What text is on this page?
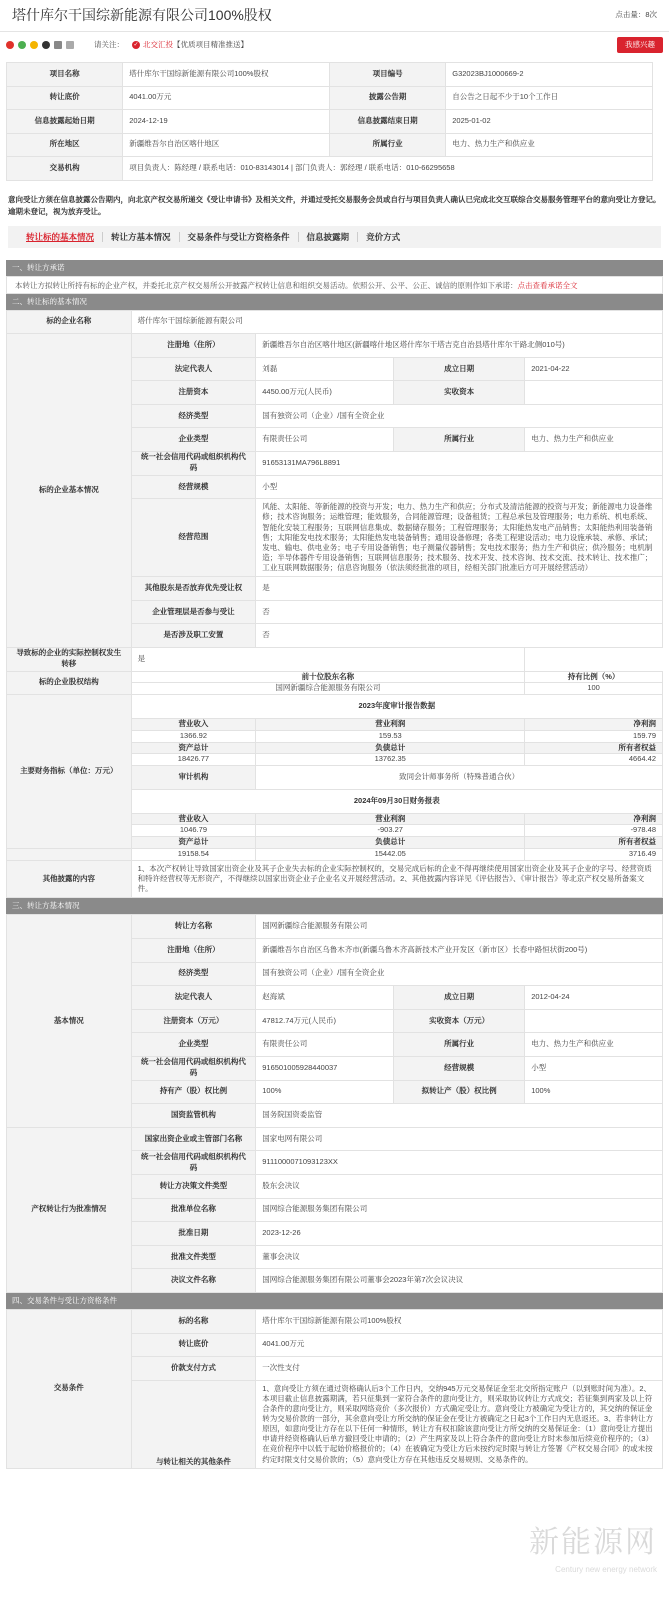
塔什库尔干国综新能源有限公司100%股权	点击量：8次
请关注： ✓ 北交汇投 【优质项目精准推送】	我感兴趣
项目名称	塔什库尔干国综新能源有限公司100%股权	项目编号	G32023BJ1000669-2
转让底价	4041.00万元	披露公告期	自公告之日起不少于10个工作日
信息披露起始日期	2024-12-19	信息披露结束日期	2025-01-02
所在地区	新疆维吾尔自治区喀什地区	所属行业	电力、热力生产和供应业
交易机构	项目负责人：陈经理 / 联系电话：010-83143014 | 部门负责人：郭经理 / 联系电话：010-66295658		
意向受让方须在信息披露公告期内，向北京产权交易所递交《受让申请书》及相关文件，并通过受托交易服务会员或自行与项目负责人确认已完成北交互联综合交易服务管理平台的意向受让方登记。逾期未登记，视为放弃受让。
转让标的基本情况	转让方基本情况	交易条件与受让方资格条件	信息披露期	竞价方式
一、转让方承诺
本转让方拟转让所持有标的企业产权，并委托北京产权交易所公开披露产权转让信息和组织交易活动。依照公开、公平、公正、诚信的原则作如下承诺：点击查看承诺全文
二、转让标的基本情况
标的企业名称	塔什库尔干国综新能源有限公司			
标的企业基本情况	注册地（住所）	新疆维吾尔自治区喀什地区(新疆喀什地区塔什库尔干塔吉克自治县塔什库尔干路北侧010号)		
	法定代表人	刘磊	成立日期	2021-04-22
	注册资本	4450.00万元(人民币)	实收资本	
	经济类型	国有独资公司（企业）/国有全资企业		
	企业类型	有限责任公司	所属行业	电力、热力生产和供应业
	统一社会信用代码或组织机构代码	91653131MA796L8891		
	经营规模	小型		
	经营范围	风能、太阳能、等新能源的投资与开发；电力、热力生产和供应；分布式及清洁能源的投资与开发；新能源电力设备维修；技术咨询服务；运维管理；能效服务，合同能源管理；设备租赁；工程总承包及管理服务；电力系统、机电系统、智能化安装工程服务；互联网信息集成、数据储存服务；工程管理服务；太阳能热发电产品销售；太阳能热利用装备销售；太阳能发电技术服务；太阳能热发电装备销售；通用设备修理；各类工程建设活动；电力设施承装、承修、承试；发电、输电、供电业务；电子专用设备销售；电子测量仪器销售；发电技术服务；热力生产和供应；供冷服务；电机制造；半导体器件专用设备销售；互联网信息服务；技术服务、技术开发、技术咨询、技术交流、技术转让、技术推广；工业互联网数据服务；信息咨询服务（依法须经批准的项目，经相关部门批准后方可开展经营活动）		

	其他股东是否放弃优先受让权	是		
	企业管理层是否参与受让	否		
	是否涉及职工安置	否		
导致标的企业的实际控制权发生转移	是			
标的企业股权结构	前十位股东名称			持有比例（%）
	国网新疆综合能源服务有限公司			100
主要财务指标（单位：万元）	2023年度审计报告数据			
	营业收入	营业利润		净利润
	1366.92	159.53		159.79
	资产总计	负债总计		所有者权益
	18426.77	13762.35		4664.42
	审计机构	致同会计师事务所（特殊普通合伙）		
	2024年09月30日财务报表			
	营业收入	营业利润		净利润
	1046.79	-903.27		-978.48
	资产总计	负债总计		所有者权益
	19158.54	15442.05		3716.49
其他披露的内容	1、本次产权转让导致国家出资企业及其子企业失去标的企业实际控制权的，交易完成后标的企业不得再继续使用国家出资企业及其子企业的字号、经营资质和特许经营权等无形资产，不得继续以国家出资企业子企业名义开展经营活动。2、其他披露内容详见《评估报告》、《审计报告》等北京产权交易所备案文件。			
三、转让方基本情况
基本情况	转让方名称	国网新疆综合能源服务有限公司		
	注册地（住所）	新疆维吾尔自治区乌鲁木齐市(新疆乌鲁木齐高新技术产业开发区（新市区）长春中路恒状街200号)		
	经济类型	国有独资公司（企业）/国有全资企业		
	法定代表人	赵海斌	成立日期	2012-04-24
	注册资本（万元）	47812.74万元(人民币)	实收资本（万元）	
	企业类型	有限责任公司	所属行业	电力、热力生产和供应业
	统一社会信用代码或组织机构代码	916501005928440037	经营规模	小型
	持有产（股）权比例	100%	拟转让产（股）权比例	100%
	国资监管机构	国务院国资委监管		
产权转让行为批准情况	国家出资企业或主管部门名称	国家电网有限公司		
	统一社会信用代码或组织机构代码	9111000071093123XX		
	转让方决策文件类型	股东会决议		
	批准单位名称	国网综合能源服务集团有限公司		
	批准日期	2023-12-26		
	批准文件类型	董事会决议		
	决议文件名称	国网综合能源服务集团有限公司董事会2023年第7次会议决议		
四、交易条件与受让方资格条件
交易条件	标的名称	塔什库尔干国综新能源有限公司100%股权
	转让底价	4041.00万元
	价款支付方式	一次性支付
	与转让相关的其他条件	1、意向受让方须在通过资格确认后3个工作日内，交纳945万元交易保证金至北交所指定账户（以到账时间为准）。2、本项目截止信息披露期满，若只征集到一家符合条件的意向受让方，则采取协议转让方式成交；若征集到两家及以上符合条件的意向受让方，则采取网络竞价（多次报价）方式确定受让方。意向受让方被确定为受让方的，其交纳的保证金转为交易价款的一部分，其余意向受让方所交纳的保证金在受让方被确定之日起3个工作日内无息返还。3、若非转让方原因，如意向受让方存在以下任何一种情形，转让方有权扣除该意向受让方所交纳的交易保证金：（1）意向受让方提出申请并经资格确认后单方撤回受让申请的；（2）产生两家及以上符合条件的意向受让方时未参加后续竞价程序的；（3）在竞价程序中以低于起始价格报价的；（4）在被确定为受让方后未按约定时限与转让方签署《产权交易合同》的或未按约定时限支付交易价款的；（5）意向受让方存在其他违反交易规则、交易条件的。
新能源网
Century new energy network
